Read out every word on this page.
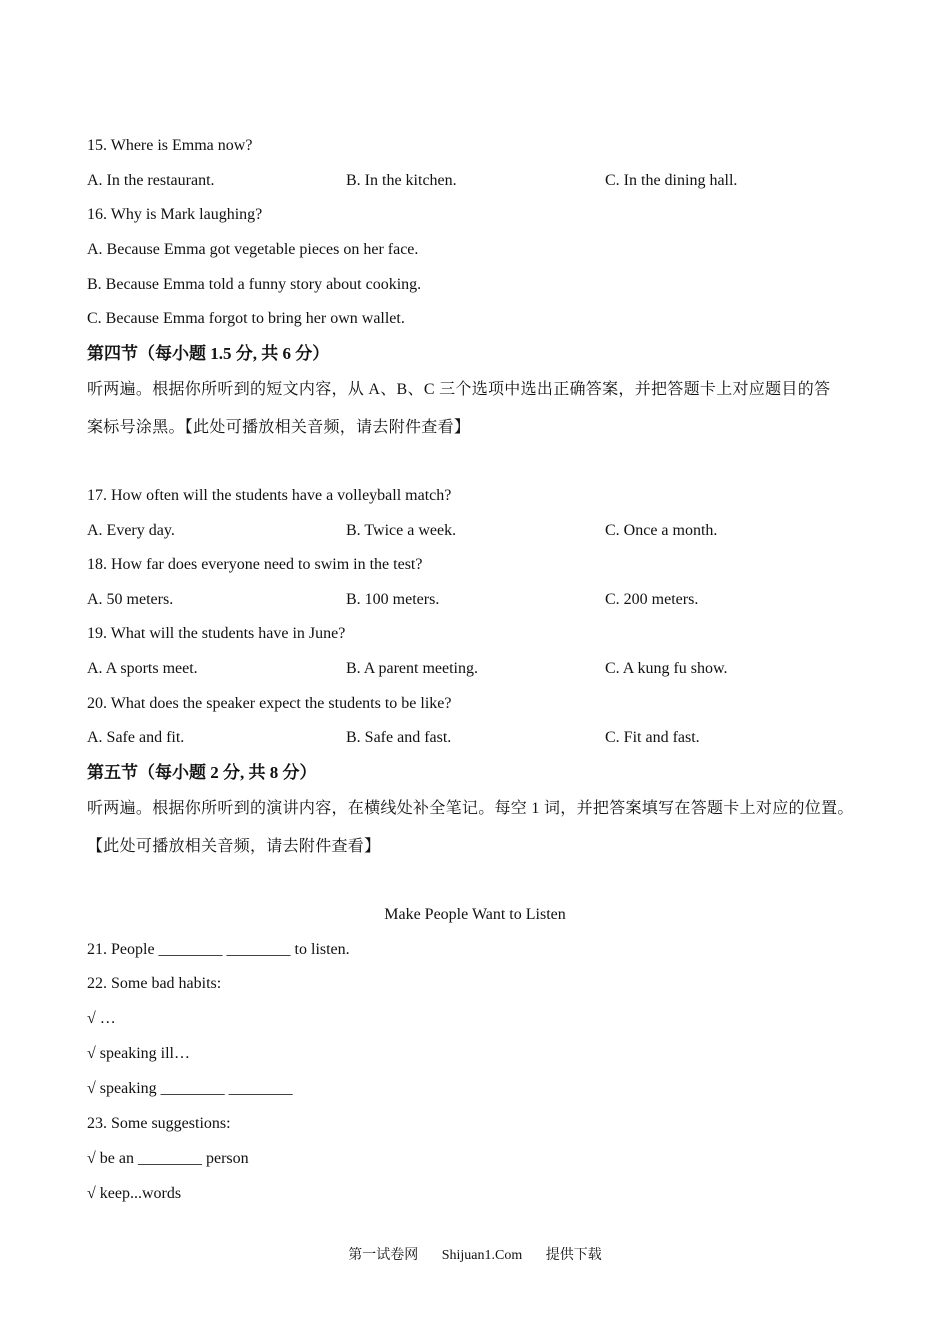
15. Where is Emma now?
A. In the restaurant.	B. In the kitchen.	C. In the dining hall.
16. Why is Mark laughing?
A. Because Emma got vegetable pieces on her face.
B. Because Emma told a funny story about cooking.
C. Because Emma forgot to bring her own wallet.
第四节（每小题 1.5 分, 共 6 分）
听两遍。根据你所听到的短文内容，从 A、B、C 三个选项中选出正确答案，并把答题卡上对应题目的答
案标号涂黑。【此处可播放相关音频，请去附件查看】
17. How often will the students have a volleyball match?
A. Every day.	B. Twice a week.	C. Once a month.
18. How far does everyone need to swim in the test?
A. 50 meters.	B. 100 meters.	C. 200 meters.
19. What will the students have in June?
A. A sports meet.	B. A parent meeting.	C. A kung fu show.
20. What does the speaker expect the students to be like?
A. Safe and fit.	B. Safe and fast.	C. Fit and fast.
第五节（每小题 2 分, 共 8 分）
听两遍。根据你所听到的演讲内容，在横线处补全笔记。每空 1 词，并把答案填写在答题卡上对应的位置。
【此处可播放相关音频，请去附件查看】
Make People Want to Listen
21. People ________ ________ to listen.
22. Some bad habits:
√ …
√ speaking ill…
√ speaking ________ ________
23. Some suggestions:
√ be an ________ person
√ keep...words
第一试卷网 Shijuan1.Com 提供下载
